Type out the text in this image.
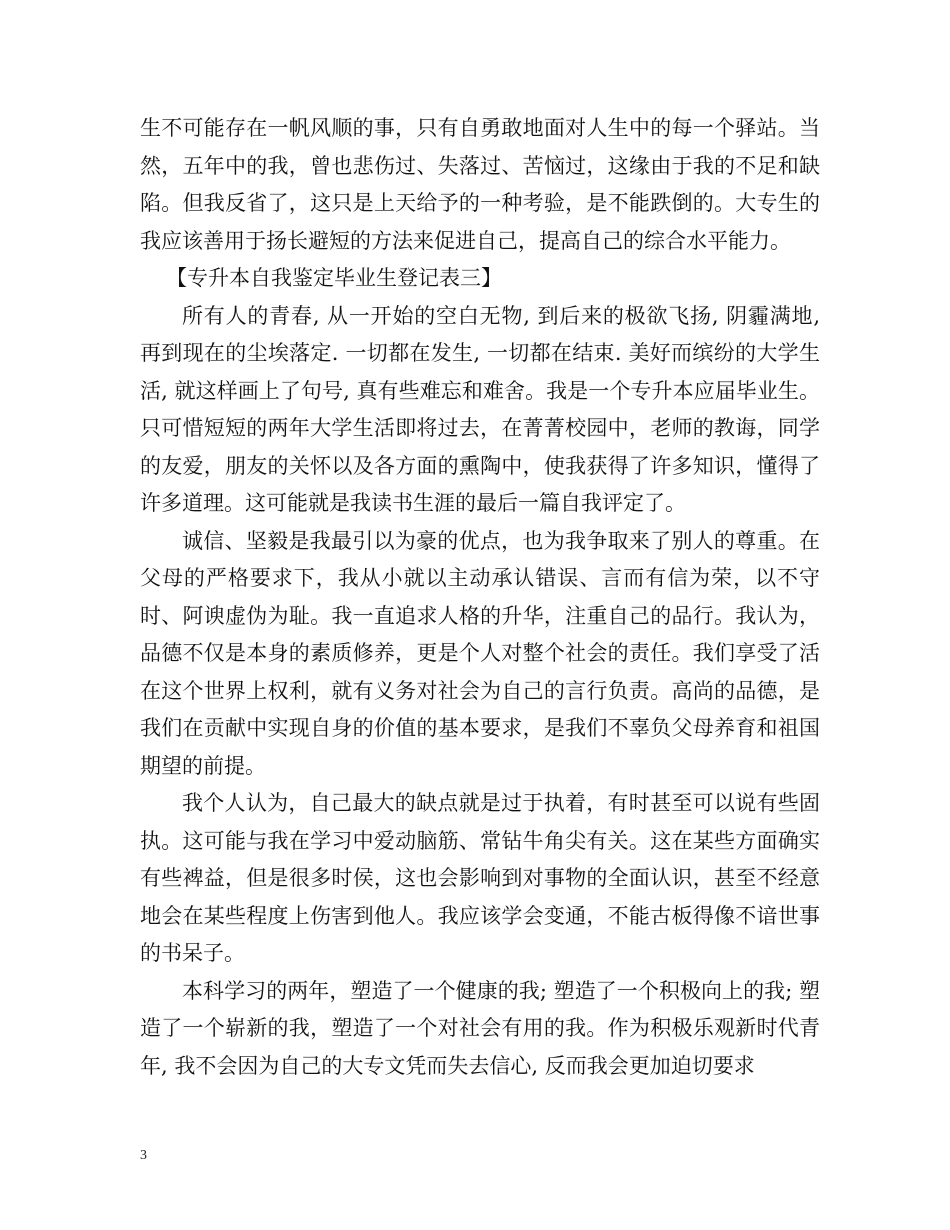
生不可能存在一帆风顺的事，只有自勇敢地面对人生中的每一个驿站。当然，五年中的我，曾也悲伤过、失落过、苦恼过，这缘由于我的不足和缺陷。但我反省了，这只是上天给予的一种考验，是不能跌倒的。大专生的我应该善用于扬长避短的方法来促进自己，提高自己的综合水平能力。

【专升本自我鉴定毕业生登记表三】

所有人的青春, 从一开始的空白无物, 到后来的极欲飞扬, 阴霾满地, 再到现在的尘埃落定. 一切都在发生, 一切都在结束. 美好而缤纷的大学生活, 就这样画上了句号, 真有些难忘和难舍。我是一个专升本应届毕业生。只可惜短短的两年大学生活即将过去，在菁菁校园中，老师的教诲，同学的友爱，朋友的关怀以及各方面的熏陶中，使我获得了许多知识，懂得了许多道理。这可能就是我读书生涯的最后一篇自我评定了。

诚信、坚毅是我最引以为豪的优点，也为我争取来了别人的尊重。在父母的严格要求下，我从小就以主动承认错误、言而有信为荣，以不守时、阿谀虚伪为耻。我一直追求人格的升华，注重自己的品行。我认为，品德不仅是本身的素质修养，更是个人对整个社会的责任。我们享受了活在这个世界上权利，就有义务对社会为自己的言行负责。高尚的品德，是我们在贡献中实现自身的价值的基本要求，是我们不辜负父母养育和祖国期望的前提。

我个人认为，自己最大的缺点就是过于执着，有时甚至可以说有些固执。这可能与我在学习中爱动脑筋、常钻牛角尖有关。这在某些方面确实有些裨益，但是很多时侯，这也会影响到对事物的全面认识，甚至不经意地会在某些程度上伤害到他人。我应该学会变通，不能古板得像不谙世事的书呆子。

本科学习的两年，塑造了一个健康的我; 塑造了一个积极向上的我; 塑造了一个崭新的我，塑造了一个对社会有用的我。作为积极乐观新时代青年, 我不会因为自己的大专文凭而失去信心, 反而我会更加迫切要求

3
